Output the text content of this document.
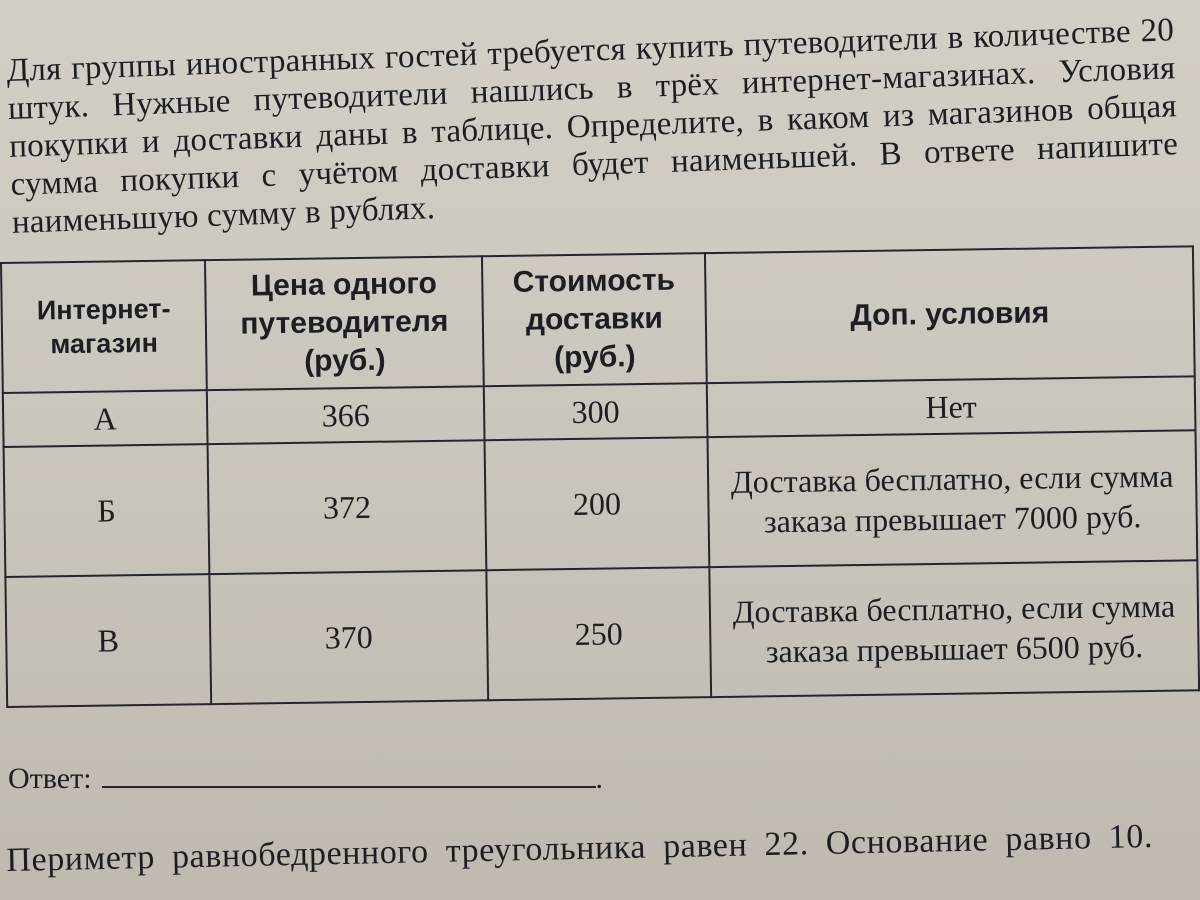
Для группы иностранных гостей требуется купить путеводители в количестве 20 штук. Нужные путеводители нашлись в трёх интернет-магазинах. Условия покупки и доставки даны в таблице. Определите, в каком из магазинов общая сумма покупки с учётом доставки будет наименьшей. В ответе напишите наименьшую сумму в рублях.

Интернет-магазин	Цена одного путеводителя (руб.)	Стоимость доставки (руб.)	Доп. условия
А	366	300	Нет
Б	372	200	Доставка бесплатно, если сумма заказа превышает 7000 руб.
В	370	250	Доставка бесплатно, если сумма заказа превышает 6500 руб.
Ответ:	.
Периметр равнобедренного треугольника равен 22. Основание равно 10.
